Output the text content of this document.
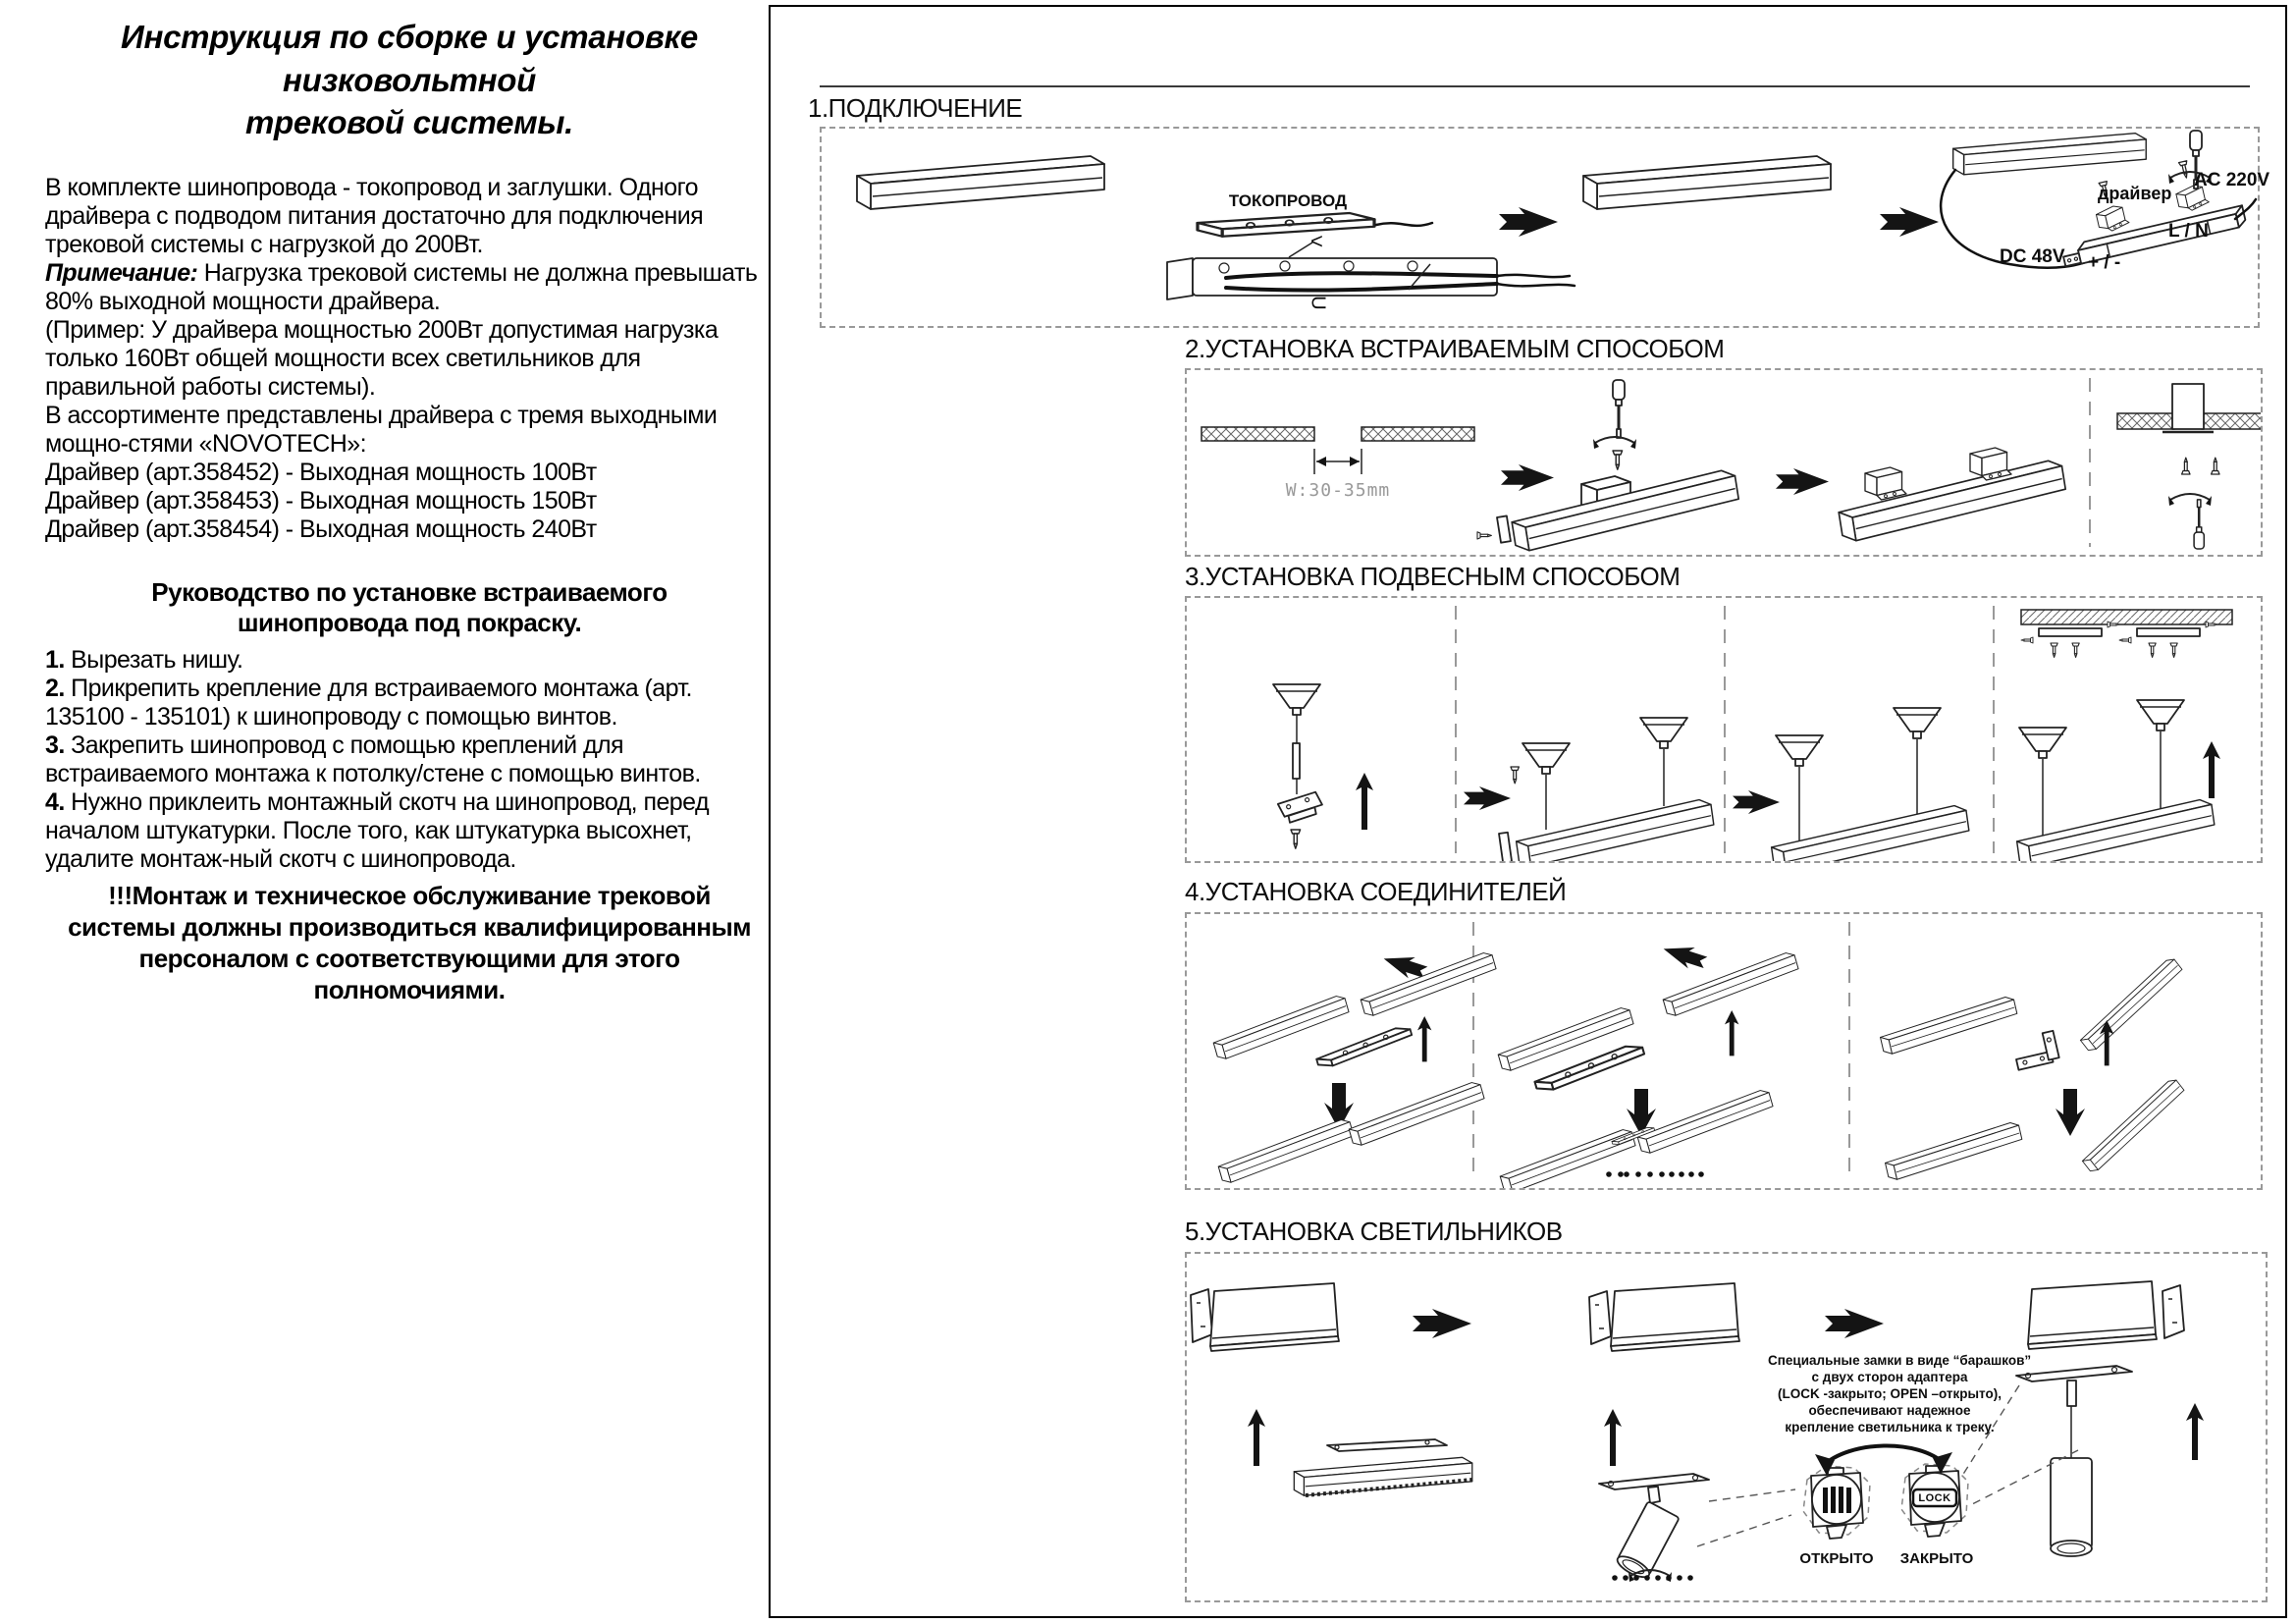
Инструкция по сборке и установке низковольтной
трековой системы.

В комплекте шинопровода - токопровод и заглушки. Одного драйвера с подводом питания достаточно для подключения трековой системы с нагрузкой до 200Вт.

Примечание: Нагрузка трековой системы не должна превышать 80% выходной мощности драйвера.

(Пример: У драйвера мощностью 200Вт допустимая нагрузка только 160Вт общей мощности всех светильников для правильной работы системы).

В ассортименте представлены драйвера с тремя выходными мощно-стями «NOVOTECH»:

Драйвер (арт.358452) - Выходная мощность 100Вт

Драйвер (арт.358453) - Выходная мощность 150Вт

Драйвер (арт.358454) - Выходная мощность 240Вт

Руководство по установке встраиваемого шинопровода под покраску.

1. Вырезать нишу.

2. Прикрепить крепление для встраиваемого монтажа (арт. 135100 - 135101) к шинопроводу с помощью винтов.

3. Закрепить шинопровод с помощью креплений для встраиваемого монтажа к потолку/стене с помощью винтов.

4. Нужно приклеить монтажный скотч на шинопровод, перед началом штукатурки. После того, как штукатурка высохнет, удалите монтаж-ный скотч с шинопровода.

!!!Монтаж и техническое обслуживание трековой системы должны производиться квалифицированным персоналом с соответствующими для этого полномочиями.
1.ПОДКЛЮЧЕНИЕ
ТОКОПРОВОД
<
U
драйвер
AC 220V
L / N
+ / -
DC 48V
2.УСТАНОВКА ВСТРАИВАЕМЫМ СПОСОБОМ
W:30-35mm
3.УСТАНОВКА ПОДВЕСНЫМ СПОСОБОМ
4.УСТАНОВКА СОЕДИНИТЕЛЕЙ
5.УСТАНОВКА СВЕТИЛЬНИКОВ
Специальные замки в виде “барашков”
с двух сторон адаптера
(LOCK -закрыто; OPEN –открыто),
обеспечивают надежное
крепление светильника к треку.
LOCK
ОТКРЫТО	ЗАКРЫТО
